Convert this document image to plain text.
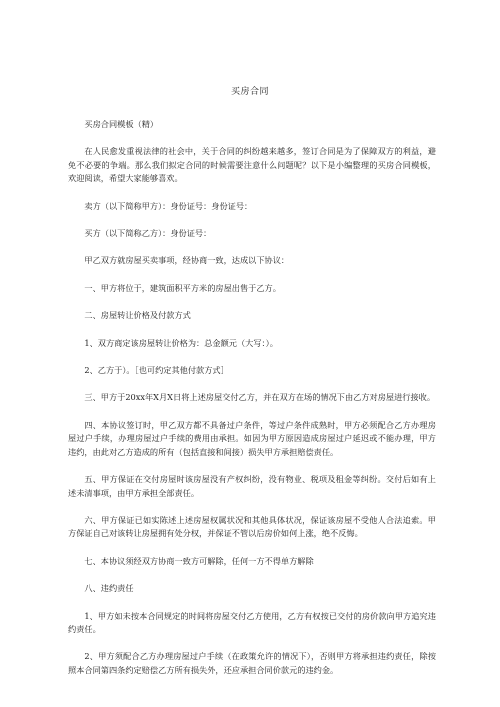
买房合同

买房合同模板（精）

在人民愈发重视法律的社会中，关于合同的纠纷越来越多，签订合同是为了保障双方的利益，避免不必要的争端。那么我们拟定合同的时候需要注意什么问题呢？以下是小编整理的买房合同模板，欢迎阅读，希望大家能够喜欢。

卖方（以下简称甲方）：身份证号：身份证号：

买方（以下简称乙方）：身份证号：

甲乙双方就房屋买卖事项，经协商一致，达成以下协议：

一、甲方将位于，建筑面积平方米的房屋出售于乙方。

二、房屋转让价格及付款方式

1、双方商定该房屋转让价格为：总金额元（大写：）。

2、乙方于）。［也可约定其他付款方式］

三、甲方于20xx年X月X日将上述房屋交付乙方，并在双方在场的情况下由乙方对房屋进行接收。

四、本协议签订时，甲乙双方都不具备过户条件，等过户条件成熟时，甲方必须配合乙方办理房屋过户手续，办理房屋过户手续的费用由承担。如因为甲方原因造成房屋过户延迟或不能办理，甲方违约，由此对乙方造成的所有（包括直接和间接）损失甲方承担赔偿责任。

五、甲方保证在交付房屋时该房屋没有产权纠纷，没有物业、税项及租金等纠纷。交付后如有上述未清事项，由甲方承担全部责任。

六、甲方保证已如实陈述上述房屋权属状况和其他具体状况，保证该房屋不受他人合法追索。甲方保证自己对该转让房屋拥有处分权，并保证不管以后房价如何上涨，绝不反悔。

七、本协议须经双方协商一致方可解除，任何一方不得单方解除

八、违约责任

1、甲方如未按本合同规定的时间将房屋交付乙方使用，乙方有权按已交付的房价款向甲方追究违约责任。

2、甲方须配合乙方办理房屋过户手续（在政策允许的情况下），否则甲方将承担违约责任，除按照本合同第四条约定赔偿乙方所有损失外，还应承担合同价款元的违约金。
